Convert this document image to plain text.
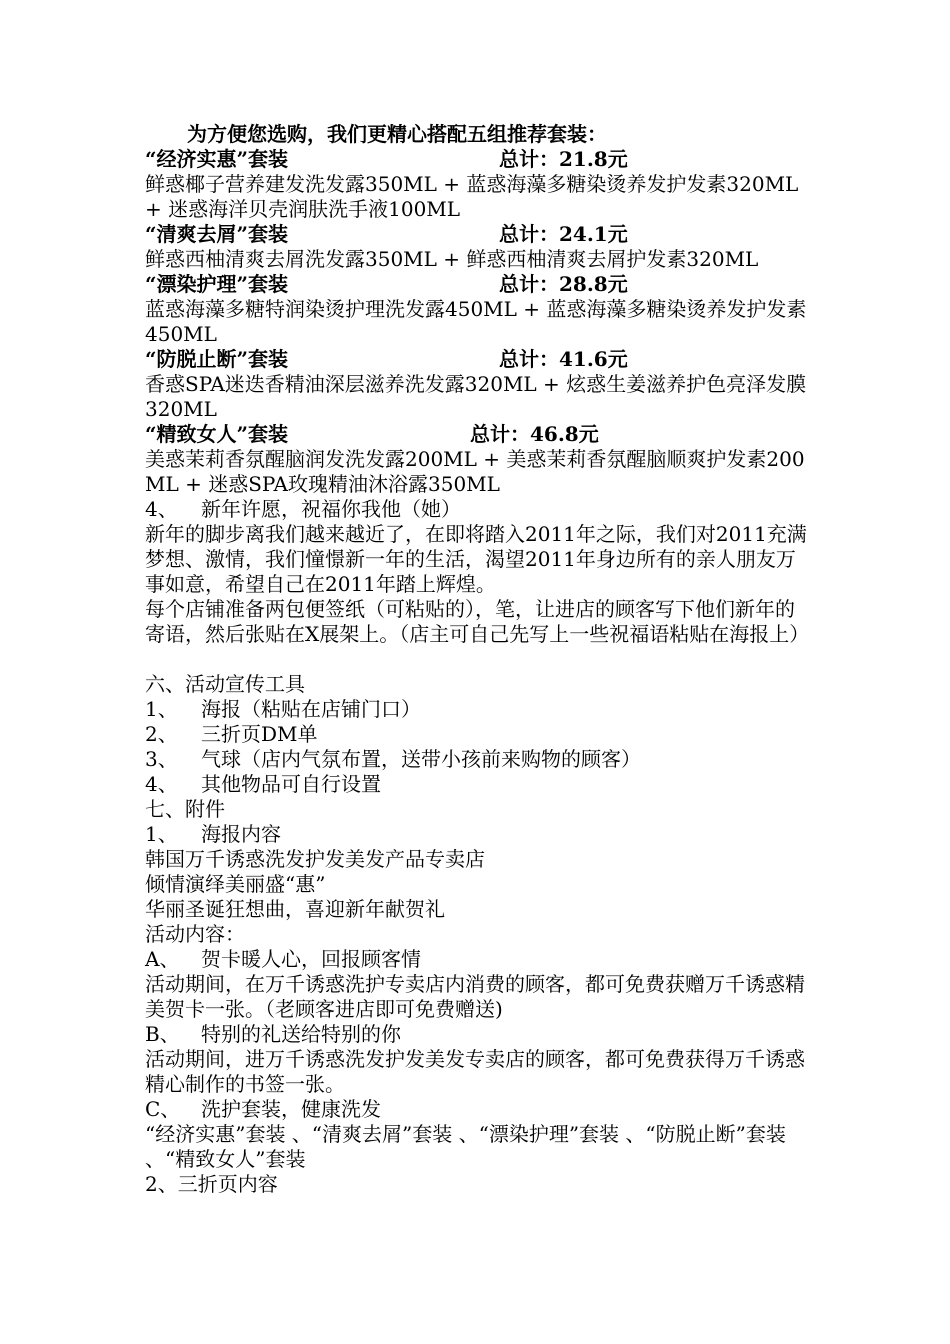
为方便您选购，我们更精心搭配五组推荐套装：
“经济实惠”套装	总计：21.8元
鲜惑椰子营养建发洗发露350ML + 蓝惑海藻多糖染烫养发护发素320ML + 迷惑海洋贝壳润肤洗手液100ML
“清爽去屑”套装	总计：24.1元
鲜惑西柚清爽去屑洗发露350ML + 鲜惑西柚清爽去屑护发素320ML
“漂染护理”套装	总计：28.8元
蓝惑海藻多糖特润染烫护理洗发露450ML + 蓝惑海藻多糖染烫养发护发素450ML
“防脱止断”套装	总计：41.6元
香惑SPA迷迭香精油深层滋养洗发露320ML + 炫惑生姜滋养护色亮泽发膜320ML
“精致女人”套装	总计：46.8元
美惑茉莉香氛醒脑润发洗发露200ML + 美惑茉莉香氛醒脑顺爽护发素200ML + 迷惑SPA玫瑰精油沐浴露350ML
4、 新年许愿，祝福你我他（她）
新年的脚步离我们越来越近了，在即将踏入2011年之际，我们对2011充满梦想、激情，我们憧憬新一年的生活，渴望2011年身边所有的亲人朋友万事如意，希望自己在2011年踏上辉煌。
每个店铺准备两包便签纸（可粘贴的），笔，让进店的顾客写下他们新年的寄语，然后张贴在X展架上。（店主可自己先写上一些祝福语粘贴在海报上）
六、活动宣传工具
1、 海报（粘贴在店铺门口）
2、 三折页DM单
3、 气球（店内气氛布置，送带小孩前来购物的顾客）
4、 其他物品可自行设置
七、附件
1、 海报内容
韩国万千诱惑洗发护发美发产品专卖店
倾情演绎美丽盛“惠”
华丽圣诞狂想曲，喜迎新年献贺礼
活动内容：
A、 贺卡暖人心，回报顾客情
活动期间，在万千诱惑洗护专卖店内消费的顾客，都可免费获赠万千诱惑精美贺卡一张。（老顾客进店即可免费赠送)
B、 特别的礼送给特别的你
活动期间，进万千诱惑洗发护发美发专卖店的顾客，都可免费获得万千诱惑精心制作的书签一张。
C、 洗护套装，健康洗发
“经济实惠”套装 、“清爽去屑”套装 、“漂染护理”套装 、“防脱止断”套装 、“精致女人”套装
2、三折页内容
